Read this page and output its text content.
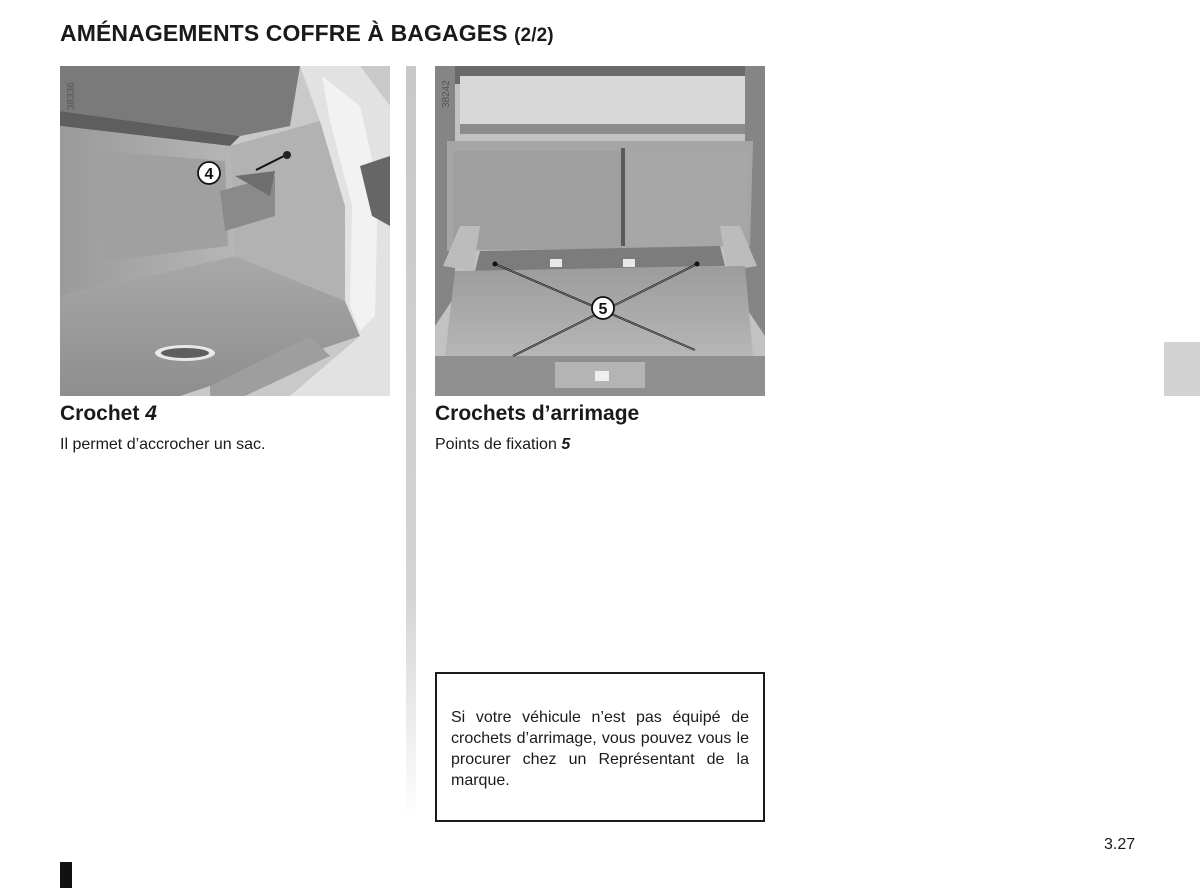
AMÉNAGEMENTS COFFRE À BAGAGES (2/2)
4
38336
5
38242
Crochet 4

Il permet d’accrocher un sac.

Crochets d’arrimage

Points de fixation 5

Si votre véhicule n’est pas équipé de crochets d’arrimage, vous pouvez vous le procurer chez un Représentant de la marque.

3.27
